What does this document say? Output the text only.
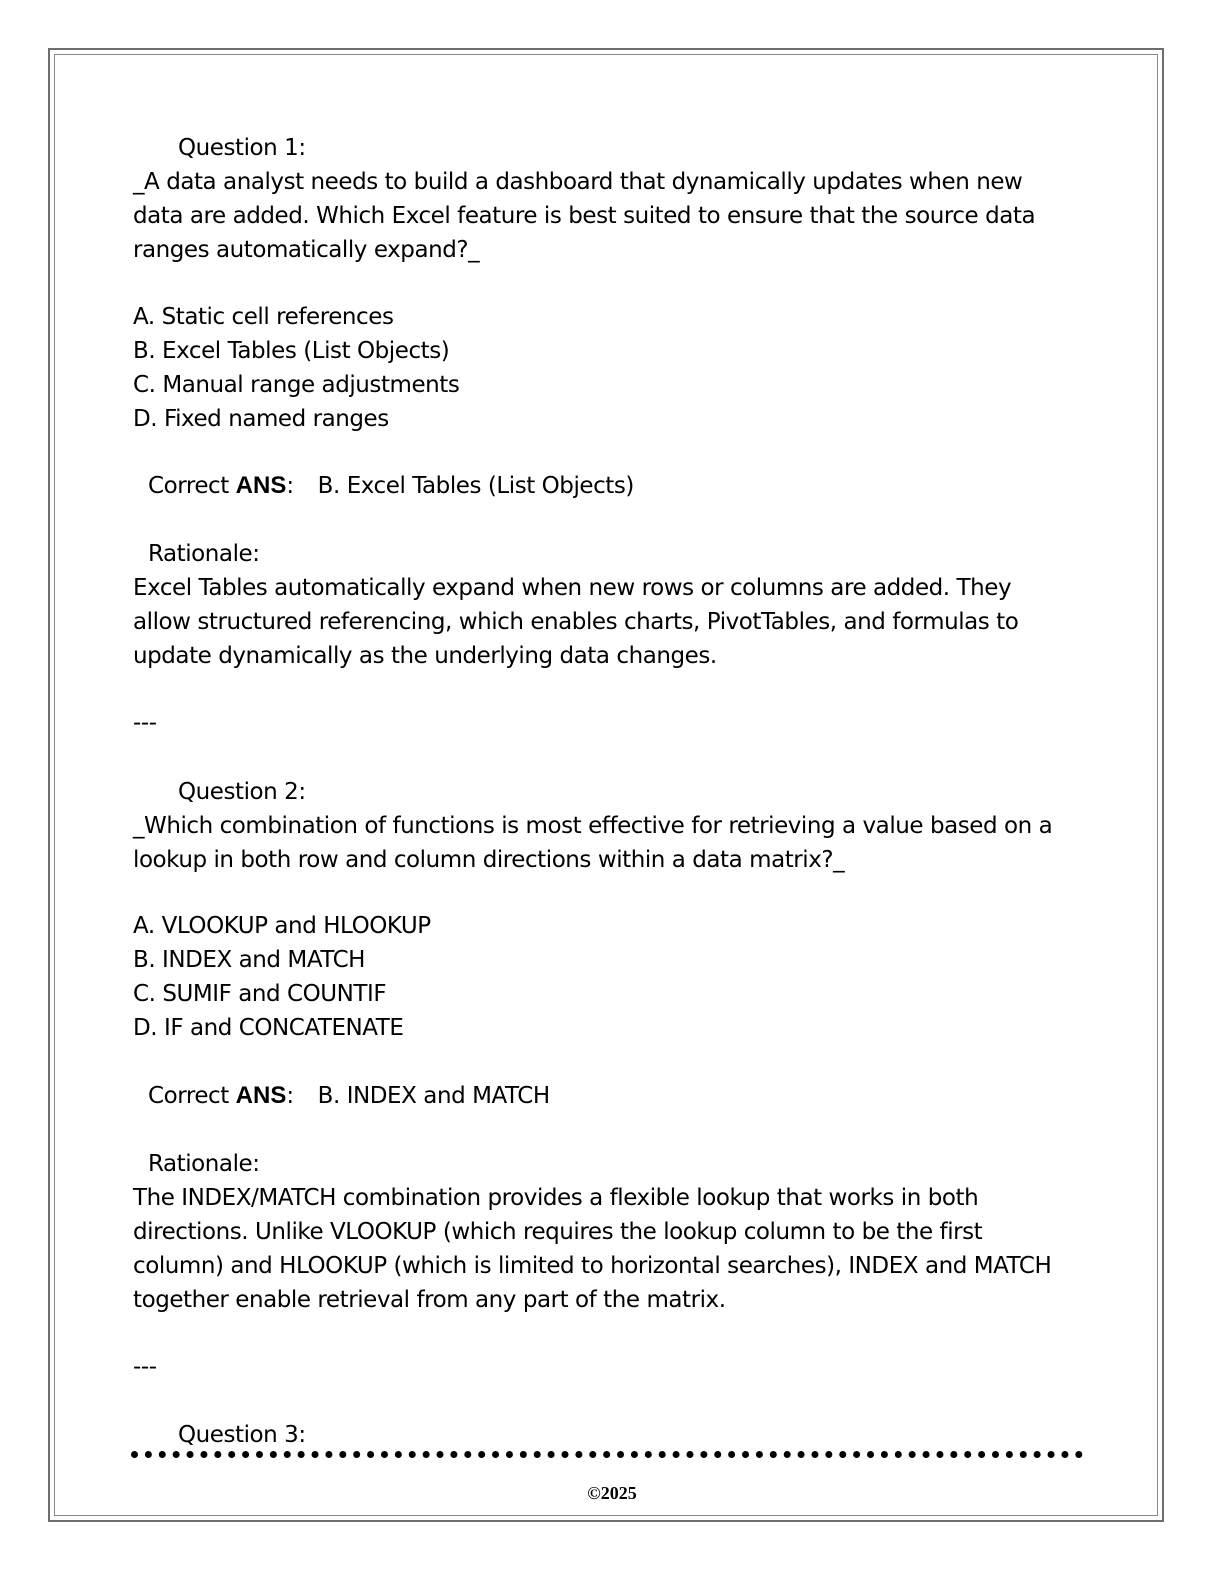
Question 1:
_A data analyst needs to build a dashboard that dynamically updates when new
data are added. Which Excel feature is best suited to ensure that the source data
ranges automatically expand?_
A. Static cell references
B. Excel Tables (List Objects)
C. Manual range adjustments
D. Fixed named ranges
Correct ANS: B. Excel Tables (List Objects)
Rationale:
Excel Tables automatically expand when new rows or columns are added. They
allow structured referencing, which enables charts, PivotTables, and formulas to
update dynamically as the underlying data changes.
---
Question 2:
_Which combination of functions is most effective for retrieving a value based on a
lookup in both row and column directions within a data matrix?_
A. VLOOKUP and HLOOKUP
B. INDEX and MATCH
C. SUMIF and COUNTIF
D. IF and CONCATENATE
Correct ANS: B. INDEX and MATCH
Rationale:
The INDEX/MATCH combination provides a flexible lookup that works in both
directions. Unlike VLOOKUP (which requires the lookup column to be the first
column) and HLOOKUP (which is limited to horizontal searches), INDEX and MATCH
together enable retrieval from any part of the matrix.
---
Question 3:
©2025
